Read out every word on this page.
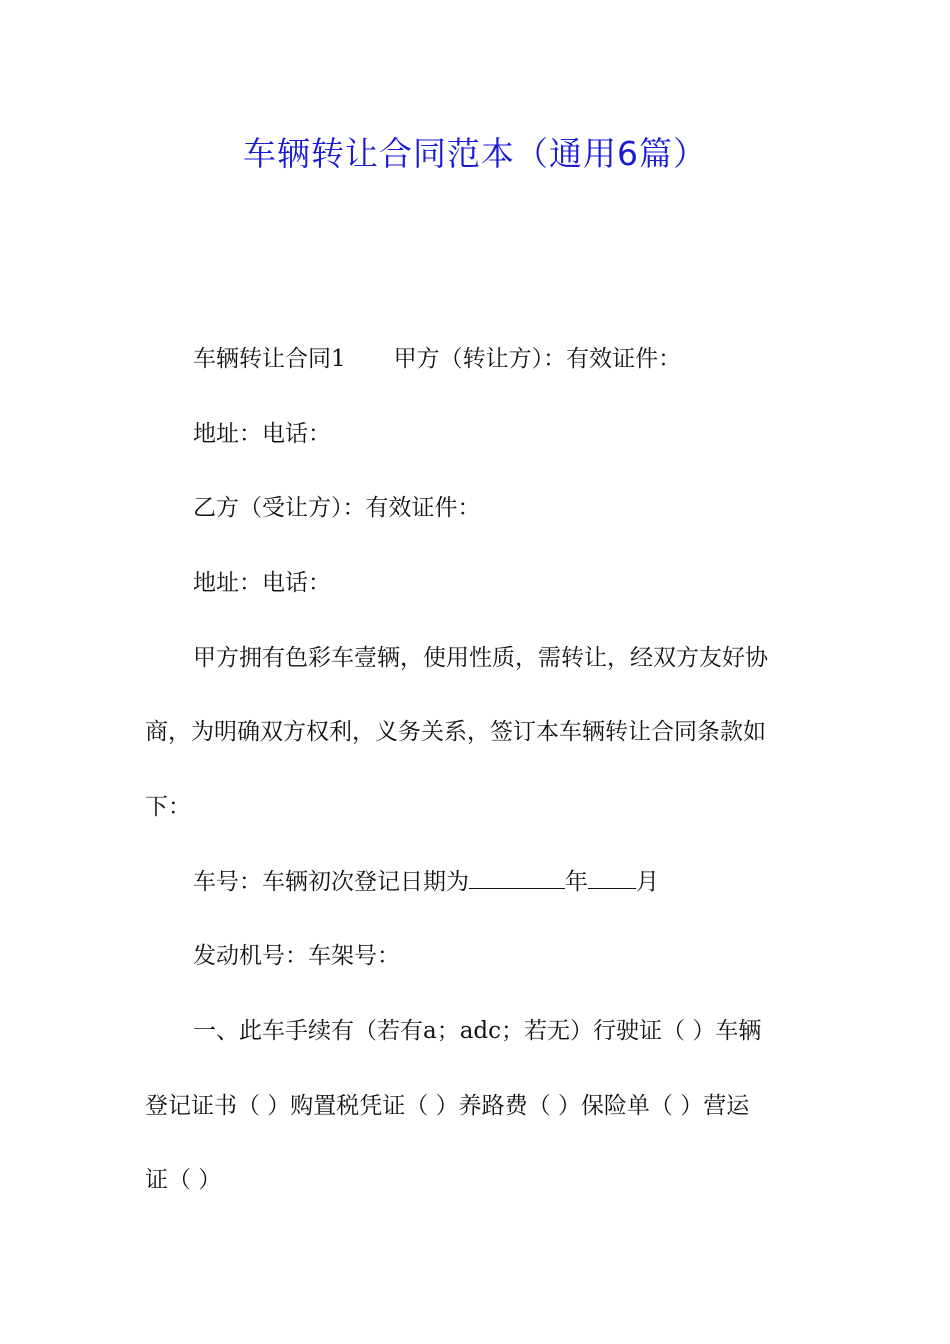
车辆转让合同范本（通用6篇）
车辆转让合同1 甲方（转让方）：有效证件：
地址：电话：
乙方（受让方）：有效证件：
地址：电话：
甲方拥有色彩车壹辆，使用性质，需转让，经双方友好协
商，为明确双方权利，义务关系，签订本车辆转让合同条款如
下：
车号：车辆初次登记日期为	年 月
发动机号：车架号：
一、此车手续有（若有a；adc；若无）行驶证（ ）车辆
登记证书（ ）购置税凭证（ ）养路费（ ）保险单（ ）营运
证（ ）
